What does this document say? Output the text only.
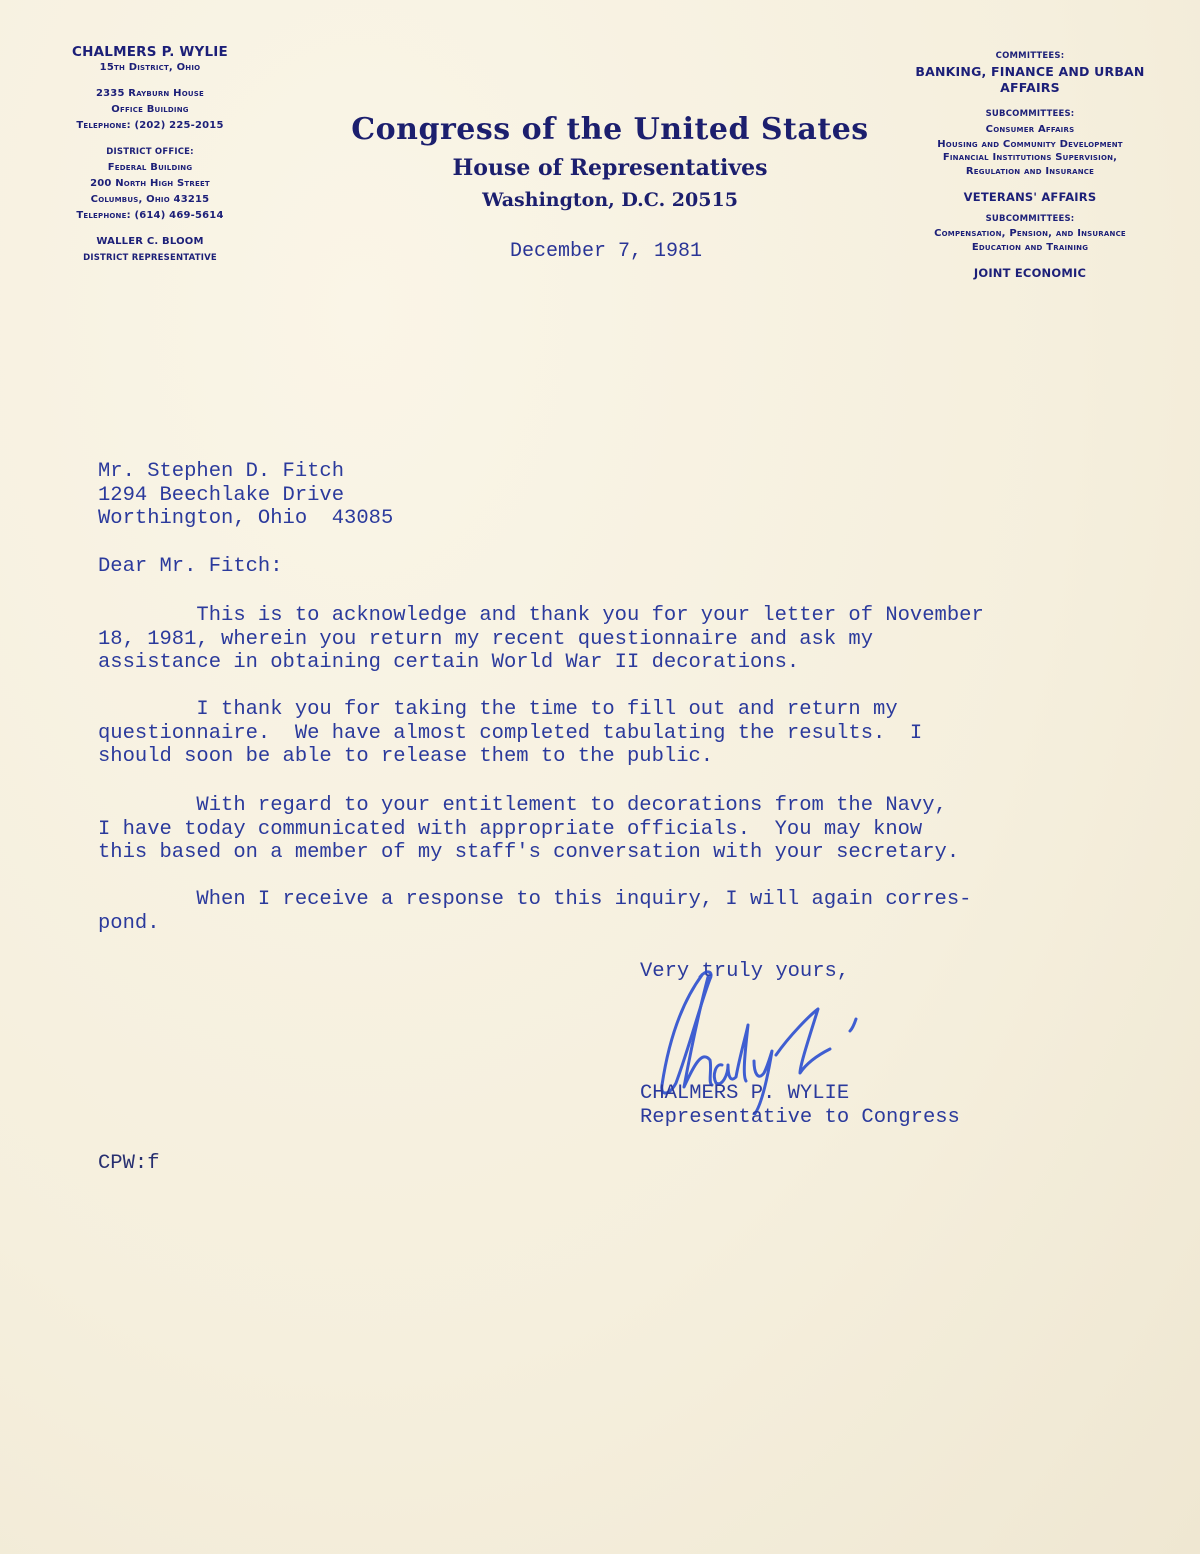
CHALMERS P. WYLIE
15th District, Ohio
2335 Rayburn House
Office Building
Telephone: (202) 225-2015
DISTRICT OFFICE:
Federal Building
200 North High Street
Columbus, Ohio 43215
Telephone: (614) 469-5614
WALLER C. BLOOM
DISTRICT REPRESENTATIVE
Congress of the United States
House of Representatives
Washington, D.C. 20515
December 7, 1981
COMMITTEES:
BANKING, FINANCE AND URBAN
AFFAIRS
SUBCOMMITTEES:
Consumer Affairs
Housing and Community Development
Financial Institutions Supervision,
Regulation and Insurance
VETERANS' AFFAIRS
SUBCOMMITTEES:
Compensation, Pension, and Insurance
Education and Training
JOINT ECONOMIC
Mr. Stephen D. Fitch
1294 Beechlake Drive
Worthington, Ohio  43085
Dear Mr. Fitch:
This is to acknowledge and thank you for your letter of November
18, 1981, wherein you return my recent questionnaire and ask my
assistance in obtaining certain World War II decorations.
I thank you for taking the time to fill out and return my
questionnaire.  We have almost completed tabulating the results.  I
should soon be able to release them to the public.
With regard to your entitlement to decorations from the Navy,
I have today communicated with appropriate officials.  You may know
this based on a member of my staff's conversation with your secretary.
When I receive a response to this inquiry, I will again corres-
pond.
Very truly yours,
CHALMERS P. WYLIE
Representative to Congress
CPW:f
